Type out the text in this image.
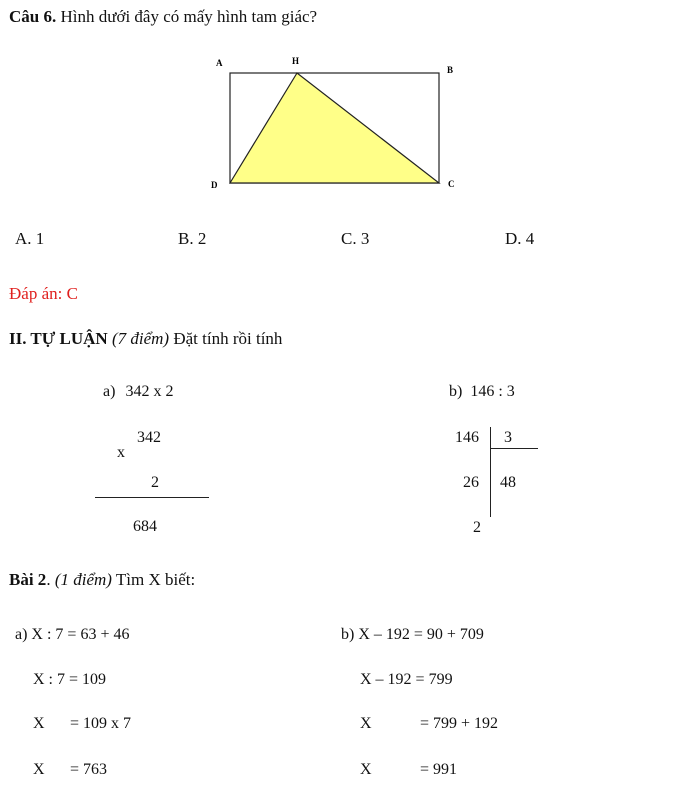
Câu 6. Hình dưới đây có mấy hình tam giác?
A	H
B
D	C
A. 1	B. 2	C. 3	D. 4
Đáp án: C
II. TỰ LUẬN (7 điểm) Đặt tính rồi tính
a) 342 x 2
342
x
2
684
b) 146 : 3
146 3
26 48
2
Bài 2. (1 điểm) Tìm X biết:
a) X : 7 = 63 + 46
X : 7 = 109
X = 109 x 7
X = 763
b) X – 192 = 90 + 709
X – 192 = 799
X	= 799 + 192
X	= 991
